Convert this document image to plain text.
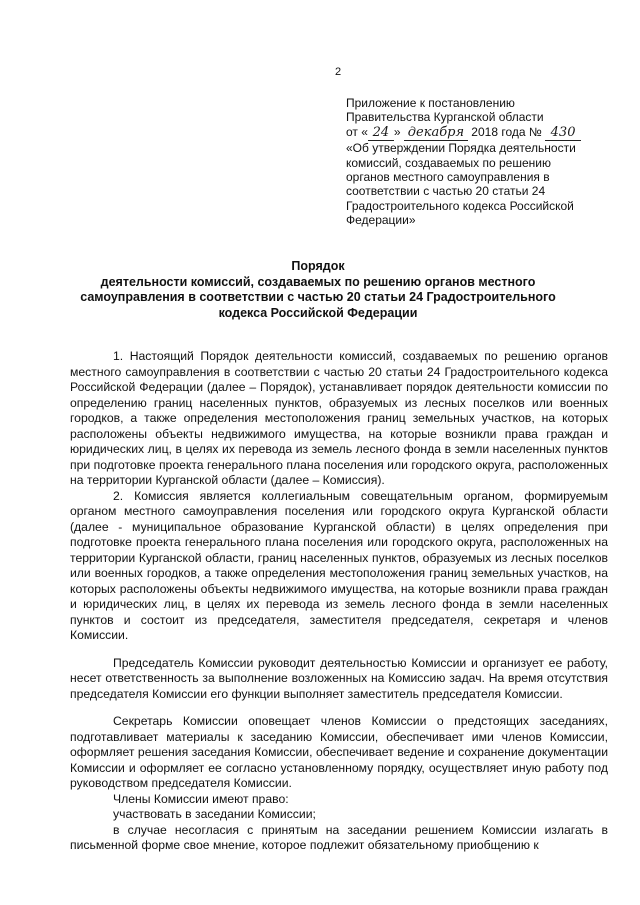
2
Приложение к постановлению
Правительства Курганской области
от « 24 » декабря 2018 года № 430
«Об утверждении Порядка деятельности
комиссий, создаваемых по решению
органов местного самоуправления в
соответствии с частью 20 статьи 24
Градостроительного кодекса Российской
Федерации»
Порядок
деятельности комиссий, создаваемых по решению органов местного самоуправления в соответствии с частью 20 статьи 24 Градостроительного кодекса Российской Федерации

1. Настоящий Порядок деятельности комиссий, создаваемых по решению органов местного самоуправления в соответствии с частью 20 статьи 24 Градостроительного кодекса Российской Федерации (далее – Порядок), устанавливает порядок деятельности комиссии по определению границ населенных пунктов, образуемых из лесных поселков или военных городков, а также определения местоположения границ земельных участков, на которых расположены объекты недвижимого имущества, на которые возникли права граждан и юридических лиц, в целях их перевода из земель лесного фонда в земли населенных пунктов при подготовке проекта генерального плана поселения или городского округа, расположенных на территории Курганской области (далее – Комиссия).

2. Комиссия является коллегиальным совещательным органом, формируемым органом местного самоуправления поселения или городского округа Курганской области (далее - муниципальное образование Курганской области) в целях определения при подготовке проекта генерального плана поселения или городского округа, расположенных на территории Курганской области, границ населенных пунктов, образуемых из лесных поселков или военных городков, а также определения местоположения границ земельных участков, на которых расположены объекты недвижимого имущества, на которые возникли права граждан и юридических лиц, в целях их перевода из земель лесного фонда в земли населенных пунктов и состоит из председателя, заместителя председателя, секретаря и членов Комиссии.

Председатель Комиссии руководит деятельностью Комиссии и организует ее работу, несет ответственность за выполнение возложенных на Комиссию задач. На время отсутствия председателя Комиссии его функции выполняет заместитель председателя Комиссии.

Секретарь Комиссии оповещает членов Комиссии о предстоящих заседаниях, подготавливает материалы к заседанию Комиссии, обеспечивает ими членов Комиссии, оформляет решения заседания Комиссии, обеспечивает ведение и сохранение документации Комиссии и оформляет ее согласно установленному порядку, осуществляет иную работу под руководством председателя Комиссии.

Члены Комиссии имеют право:

участвовать в заседании Комиссии;

в случае несогласия с принятым на заседании решением Комиссии излагать в письменной форме свое мнение, которое подлежит обязательному приобщению к
